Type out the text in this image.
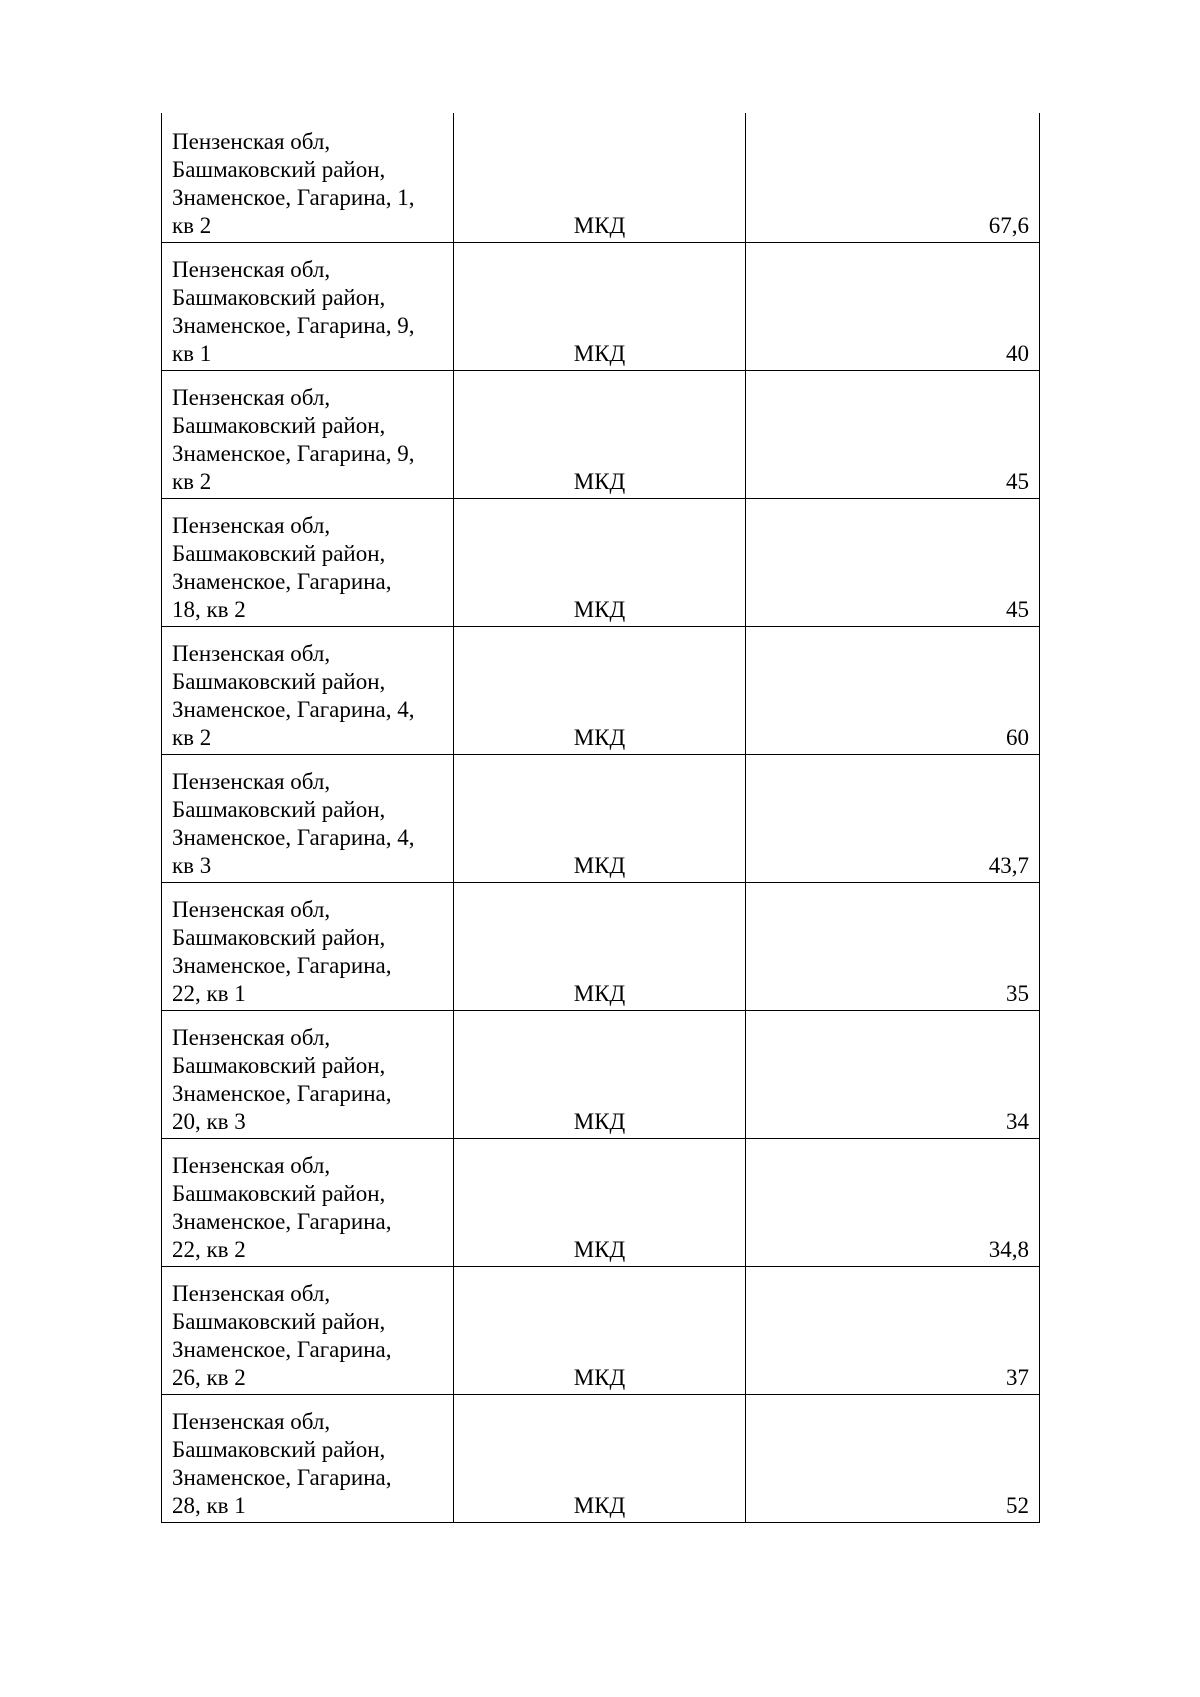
Пензенская обл,
Башмаковский район,
Знаменское, Гагарина, 1,
кв 2	МКД	67,6

Пензенская обл,
Башмаковский район,
Знаменское, Гагарина, 9,
кв 1	МКД	40

Пензенская обл,
Башмаковский район,
Знаменское, Гагарина, 9,
кв 2	МКД	45

Пензенская обл,
Башмаковский район,
Знаменское, Гагарина,
18, кв 2	МКД	45

Пензенская обл,
Башмаковский район,
Знаменское, Гагарина, 4,
кв 2	МКД	60

Пензенская обл,
Башмаковский район,
Знаменское, Гагарина, 4,
кв 3	МКД	43,7

Пензенская обл,
Башмаковский район,
Знаменское, Гагарина,
22, кв 1	МКД	35

Пензенская обл,
Башмаковский район,
Знаменское, Гагарина,
20, кв 3	МКД	34

Пензенская обл,
Башмаковский район,
Знаменское, Гагарина,
22, кв 2	МКД	34,8

Пензенская обл,
Башмаковский район,
Знаменское, Гагарина,
26, кв 2	МКД	37

Пензенская обл,
Башмаковский район,
Знаменское, Гагарина,
28, кв 1	МКД	52
